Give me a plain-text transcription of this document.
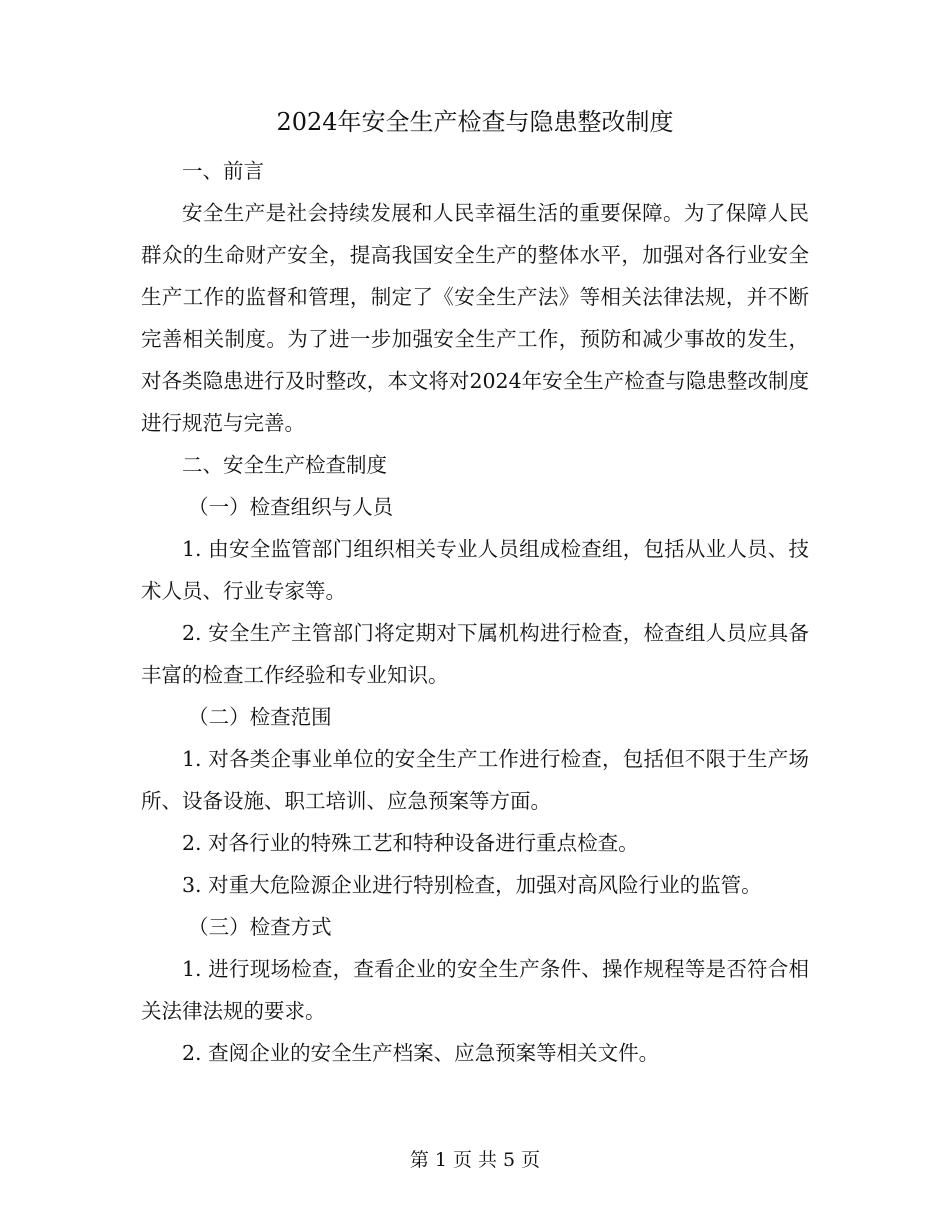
2024年安全生产检查与隐患整改制度

一、前言

安全生产是社会持续发展和人民幸福生活的重要保障。为了保障人民群众的生命财产安全，提高我国安全生产的整体水平，加强对各行业安全生产工作的监督和管理，制定了《安全生产法》等相关法律法规，并不断完善相关制度。为了进一步加强安全生产工作，预防和减少事故的发生，对各类隐患进行及时整改，本文将对2024年安全生产检查与隐患整改制度进行规范与完善。

二、安全生产检查制度

（一）检查组织与人员

1. 由安全监管部门组织相关专业人员组成检查组，包括从业人员、技术人员、行业专家等。

2. 安全生产主管部门将定期对下属机构进行检查，检查组人员应具备丰富的检查工作经验和专业知识。

（二）检查范围

1. 对各类企事业单位的安全生产工作进行检查，包括但不限于生产场所、设备设施、职工培训、应急预案等方面。

2. 对各行业的特殊工艺和特种设备进行重点检查。

3. 对重大危险源企业进行特别检查，加强对高风险行业的监管。

（三）检查方式

1. 进行现场检查，查看企业的安全生产条件、操作规程等是否符合相关法律法规的要求。

2. 查阅企业的安全生产档案、应急预案等相关文件。

第 1 页 共 5 页
